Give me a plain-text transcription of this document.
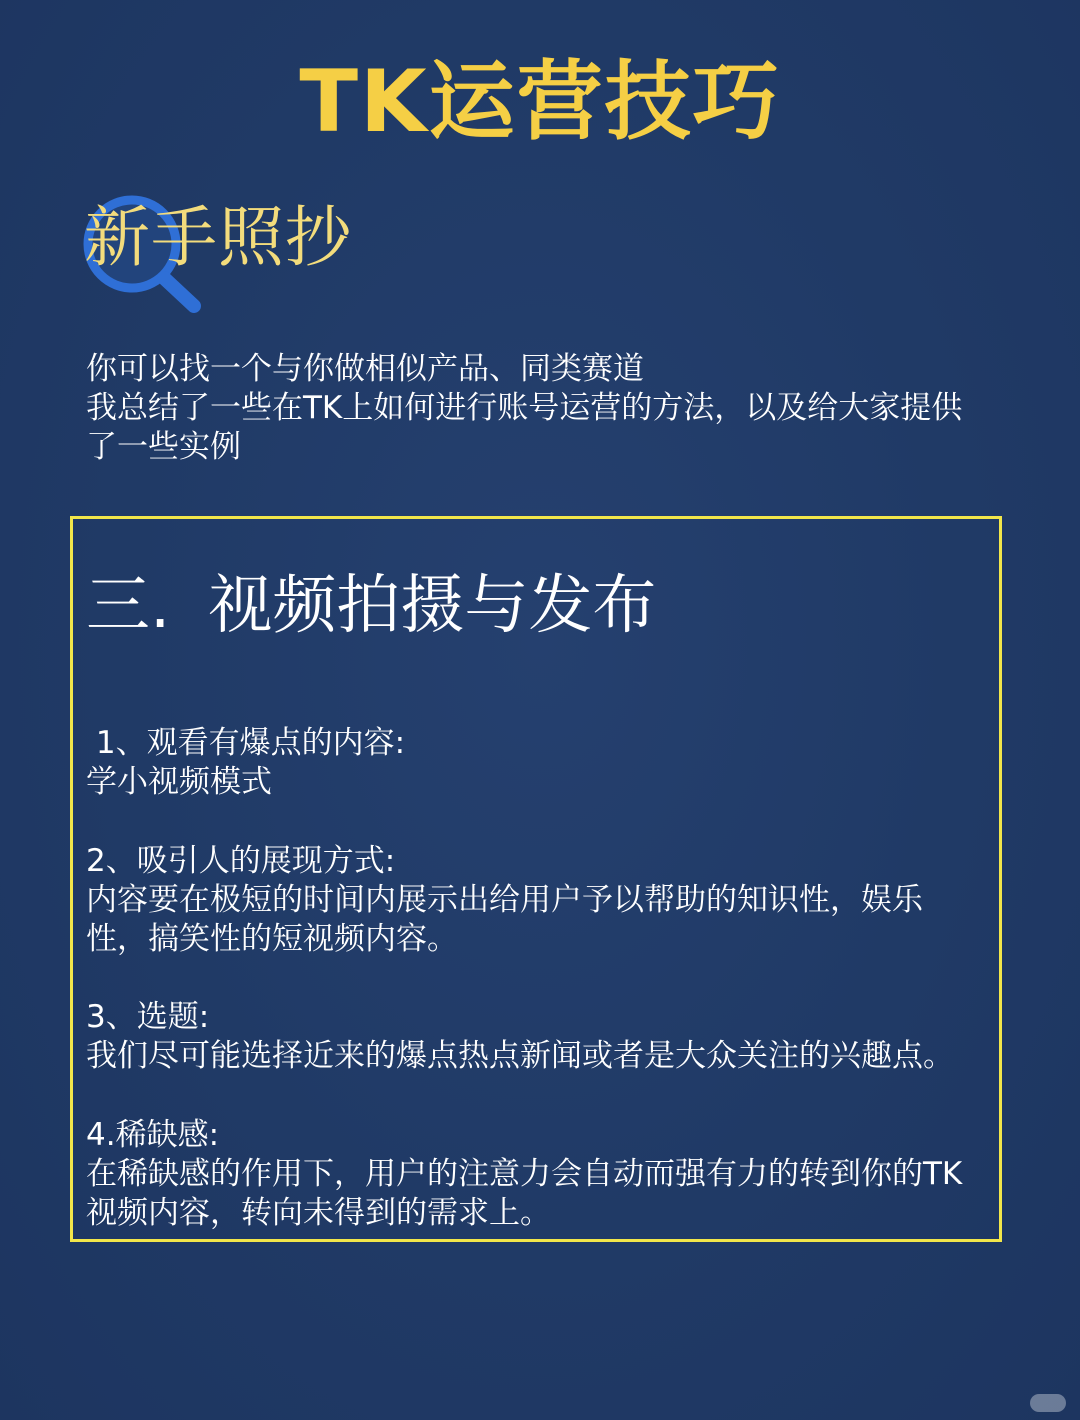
TK运营技巧
新手照抄
你可以找一个与你做相似产品、同类赛道
我总结了一些在TK上如何进行账号运营的方法，以及给大家提供
了一些实例
三. 视频拍摄与发布
1、观看有爆点的内容:
学小视频模式
2、吸引人的展现方式:
内容要在极短的时间内展示出给用户予以帮助的知识性，娱乐性，搞笑性的短视频内容。
3、选题:
我们尽可能选择近来的爆点热点新闻或者是大众关注的兴趣点。
4.稀缺感:
在稀缺感的作用下，用户的注意力会自动而强有力的转到你的TK视频内容，转向未得到的需求上。
